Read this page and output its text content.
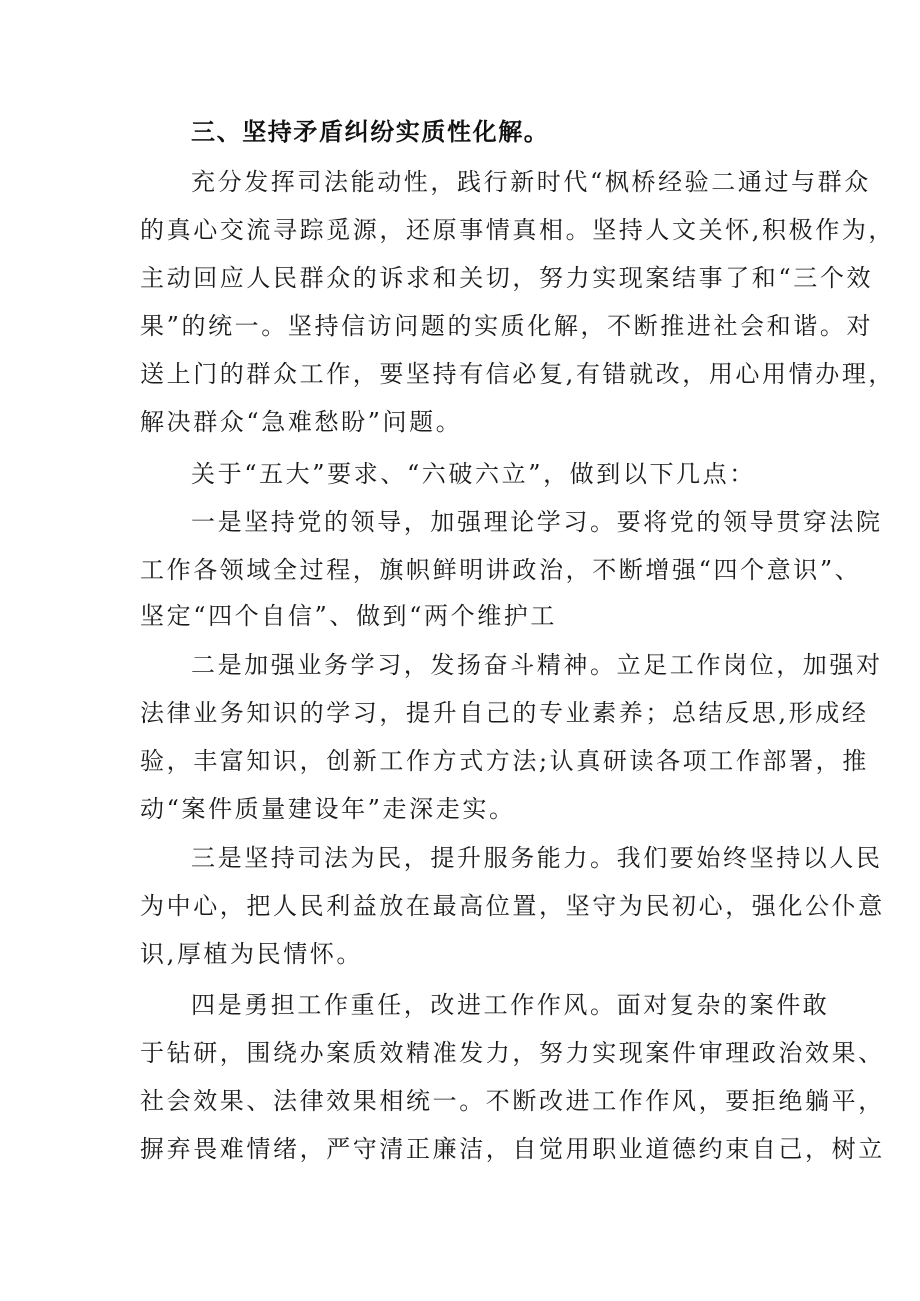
三、坚持矛盾纠纷实质性化解。
充分发挥司法能动性，践行新时代“枫桥经验二通过与群众
的真心交流寻踪觅源，还原事情真相。坚持人文关怀,积极作为，
主动回应人民群众的诉求和关切，努力实现案结事了和“三个效
果”的统一。坚持信访问题的实质化解，不断推进社会和谐。对
送上门的群众工作，要坚持有信必复,有错就改，用心用情办理，
解决群众“急难愁盼”问题。
关于“五大”要求、“六破六立”，做到以下几点：
一是坚持党的领导，加强理论学习。要将党的领导贯穿法院
工作各领域全过程，旗帜鲜明讲政治，不断增强“四个意识”、
坚定“四个自信”、做到“两个维护工
二是加强业务学习，发扬奋斗精神。立足工作岗位，加强对
法律业务知识的学习，提升自己的专业素养；总结反思,形成经
验，丰富知识，创新工作方式方法;认真研读各项工作部署，推
动“案件质量建设年”走深走实。
三是坚持司法为民，提升服务能力。我们要始终坚持以人民
为中心，把人民利益放在最高位置，坚守为民初心，强化公仆意
识,厚植为民情怀。
四是勇担工作重任，改进工作作风。面对复杂的案件敢
于钻研，围绕办案质效精准发力，努力实现案件审理政治效果、
社会效果、法律效果相统一。不断改进工作作风，要拒绝躺平，
摒弃畏难情绪，严守清正廉洁，自觉用职业道德约束自己，树立
